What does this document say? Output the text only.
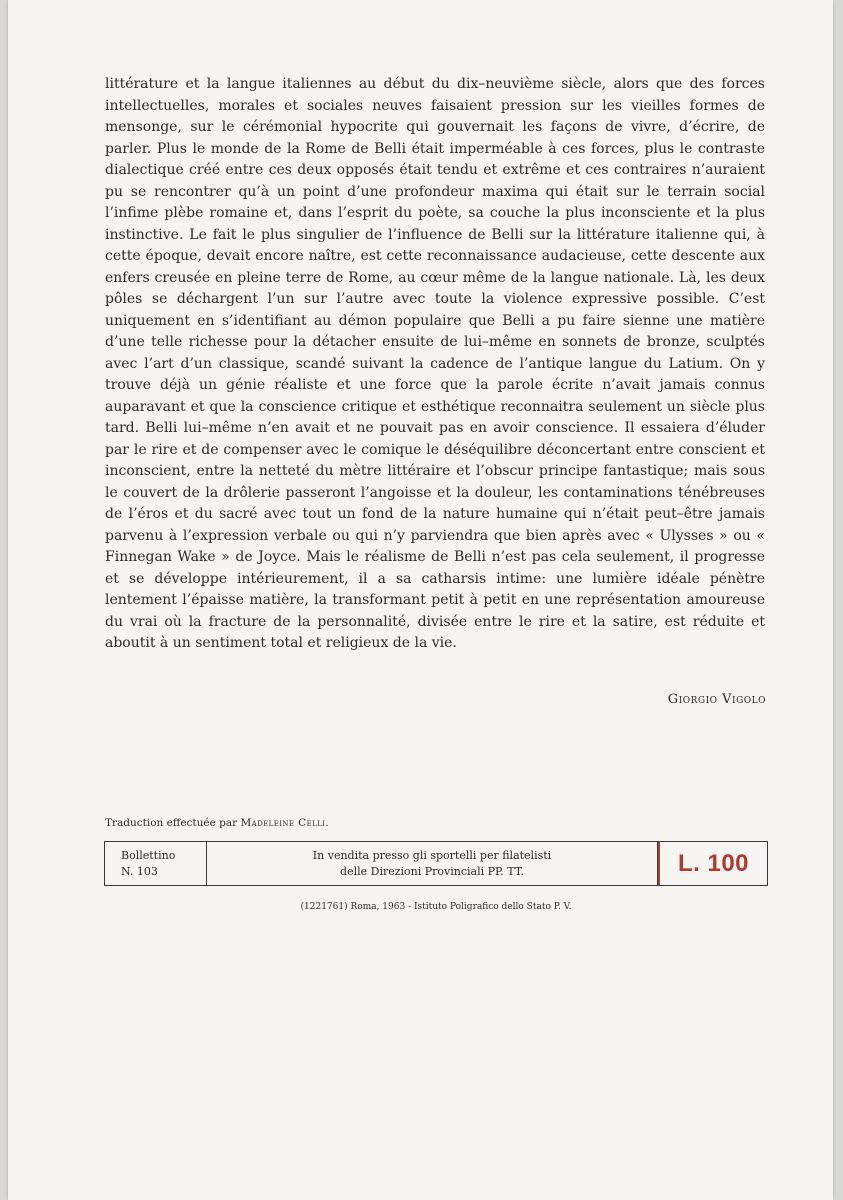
littérature et la langue italiennes au début du dix–neuvième siècle, alors que des forces intellectuelles, morales et sociales neuves faisaient pression sur les vieilles formes de mensonge, sur le cérémonial hypocrite qui gouvernait les façons de vivre, d’écrire, de parler. Plus le monde de la Rome de Belli était imperméable à ces forces, plus le contraste dialectique créé entre ces deux opposés était tendu et extrême et ces contraires n’auraient pu se rencontrer qu’à un point d’une profondeur maxima qui était sur le terrain social l’infime plèbe romaine et, dans l’esprit du poète, sa couche la plus inconsciente et la plus instinctive. Le fait le plus singulier de l’influence de Belli sur la littérature italienne qui, à cette époque, devait encore naître, est cette reconnaissance audacieuse, cette descente aux enfers creusée en pleine terre de Rome, au cœur même de la langue nationale. Là, les deux pôles se déchargent l’un sur l’autre avec toute la violence expressive possible. C’est uniquement en s’identifiant au démon populaire que Belli a pu faire sienne une matière d’une telle richesse pour la détacher ensuite de lui–même en sonnets de bronze, sculptés avec l’art d’un classique, scandé suivant la cadence de l’antique langue du Latium. On y trouve déjà un génie réaliste et une force que la parole écrite n’avait jamais connus auparavant et que la conscience critique et esthétique reconnaitra seulement un siècle plus tard. Belli lui–même n’en avait et ne pouvait pas en avoir conscience. Il essaiera d’éluder par le rire et de compenser avec le comique le déséquilibre déconcertant entre conscient et inconscient, entre la netteté du mètre littéraire et l’obscur principe fantastique; mais sous le couvert de la drôlerie passeront l’angoisse et la douleur, les contaminations ténébreuses de l’éros et du sacré avec tout un fond de la nature humaine qui n’était peut–être jamais parvenu à l’expression verbale ou qui n’y parviendra que bien après avec « Ulysses » ou « Finnegan Wake » de Joyce. Mais le réalisme de Belli n’est pas cela seulement, il progresse et se développe intérieurement, il a sa catharsis intime: une lumière idéale pénètre lentement l’épaisse matière, la transformant petit à petit en une représentation amoureuse du vrai où la fracture de la personnalité, divisée entre le rire et la satire, est réduite et aboutit à un sentiment total et religieux de la vie.

Giorgio Vigolo
Traduction effectuée par Madeleine Celli.
Bollettino
N. 103
In vendita presso gli sportelli per filatelisti
delle Direzioni Provinciali PP. TT.	L. 100
(1221761) Roma, 1963 - Istituto Poligrafico dello Stato P. V.
